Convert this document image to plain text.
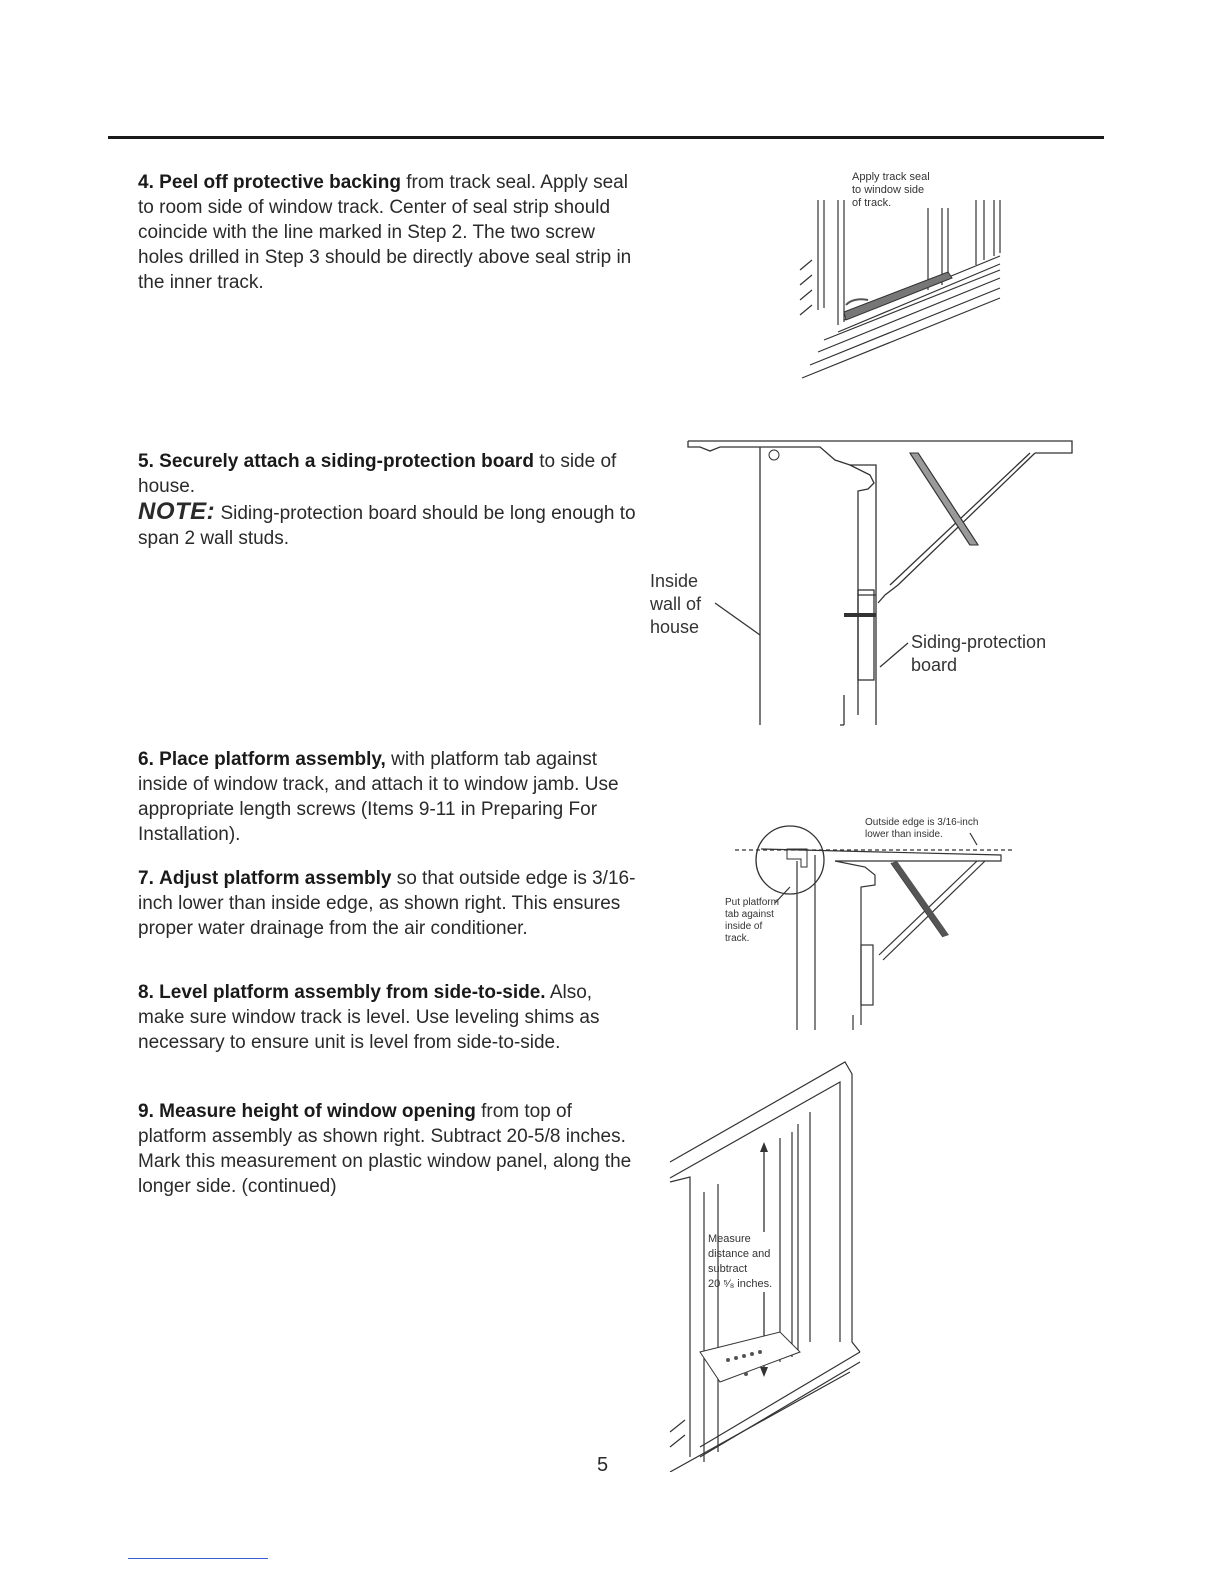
4. Peel off protective backing from track seal. Apply seal to room side of window track. Center of seal strip should coincide with the line marked in Step 2. The two screw holes drilled in Step 3 should be directly above seal strip in the inner track.

5. Securely attach a siding-protection board to side of house.
NOTE: Siding-protection board should be long enough to span 2 wall studs.

6. Place platform assembly, with platform tab against inside of window track, and attach it to window jamb. Use appropriate length screws (Items 9-11 in Preparing For Installation).

7. Adjust platform assembly so that outside edge is 3/16-inch lower than inside edge, as shown right. This ensures proper water drainage from the air conditioner.

8. Level platform assembly from side-to-side. Also, make sure window track is level. Use leveling shims as necessary to ensure unit is level from side-to-side.

9. Measure height of window opening from top of platform assembly as shown right. Subtract 20-5/8 inches. Mark this measurement on plastic window panel, along the longer side. (continued)

Apply track seal
to window side
of track.
Inside
wall of
house
Siding-protection
board
Outside edge is 3/16-inch
lower than inside.
Put platform
tab against
inside of
track.
Measure
distance and
subtract
20 ⁵⁄₈ inches.
5
